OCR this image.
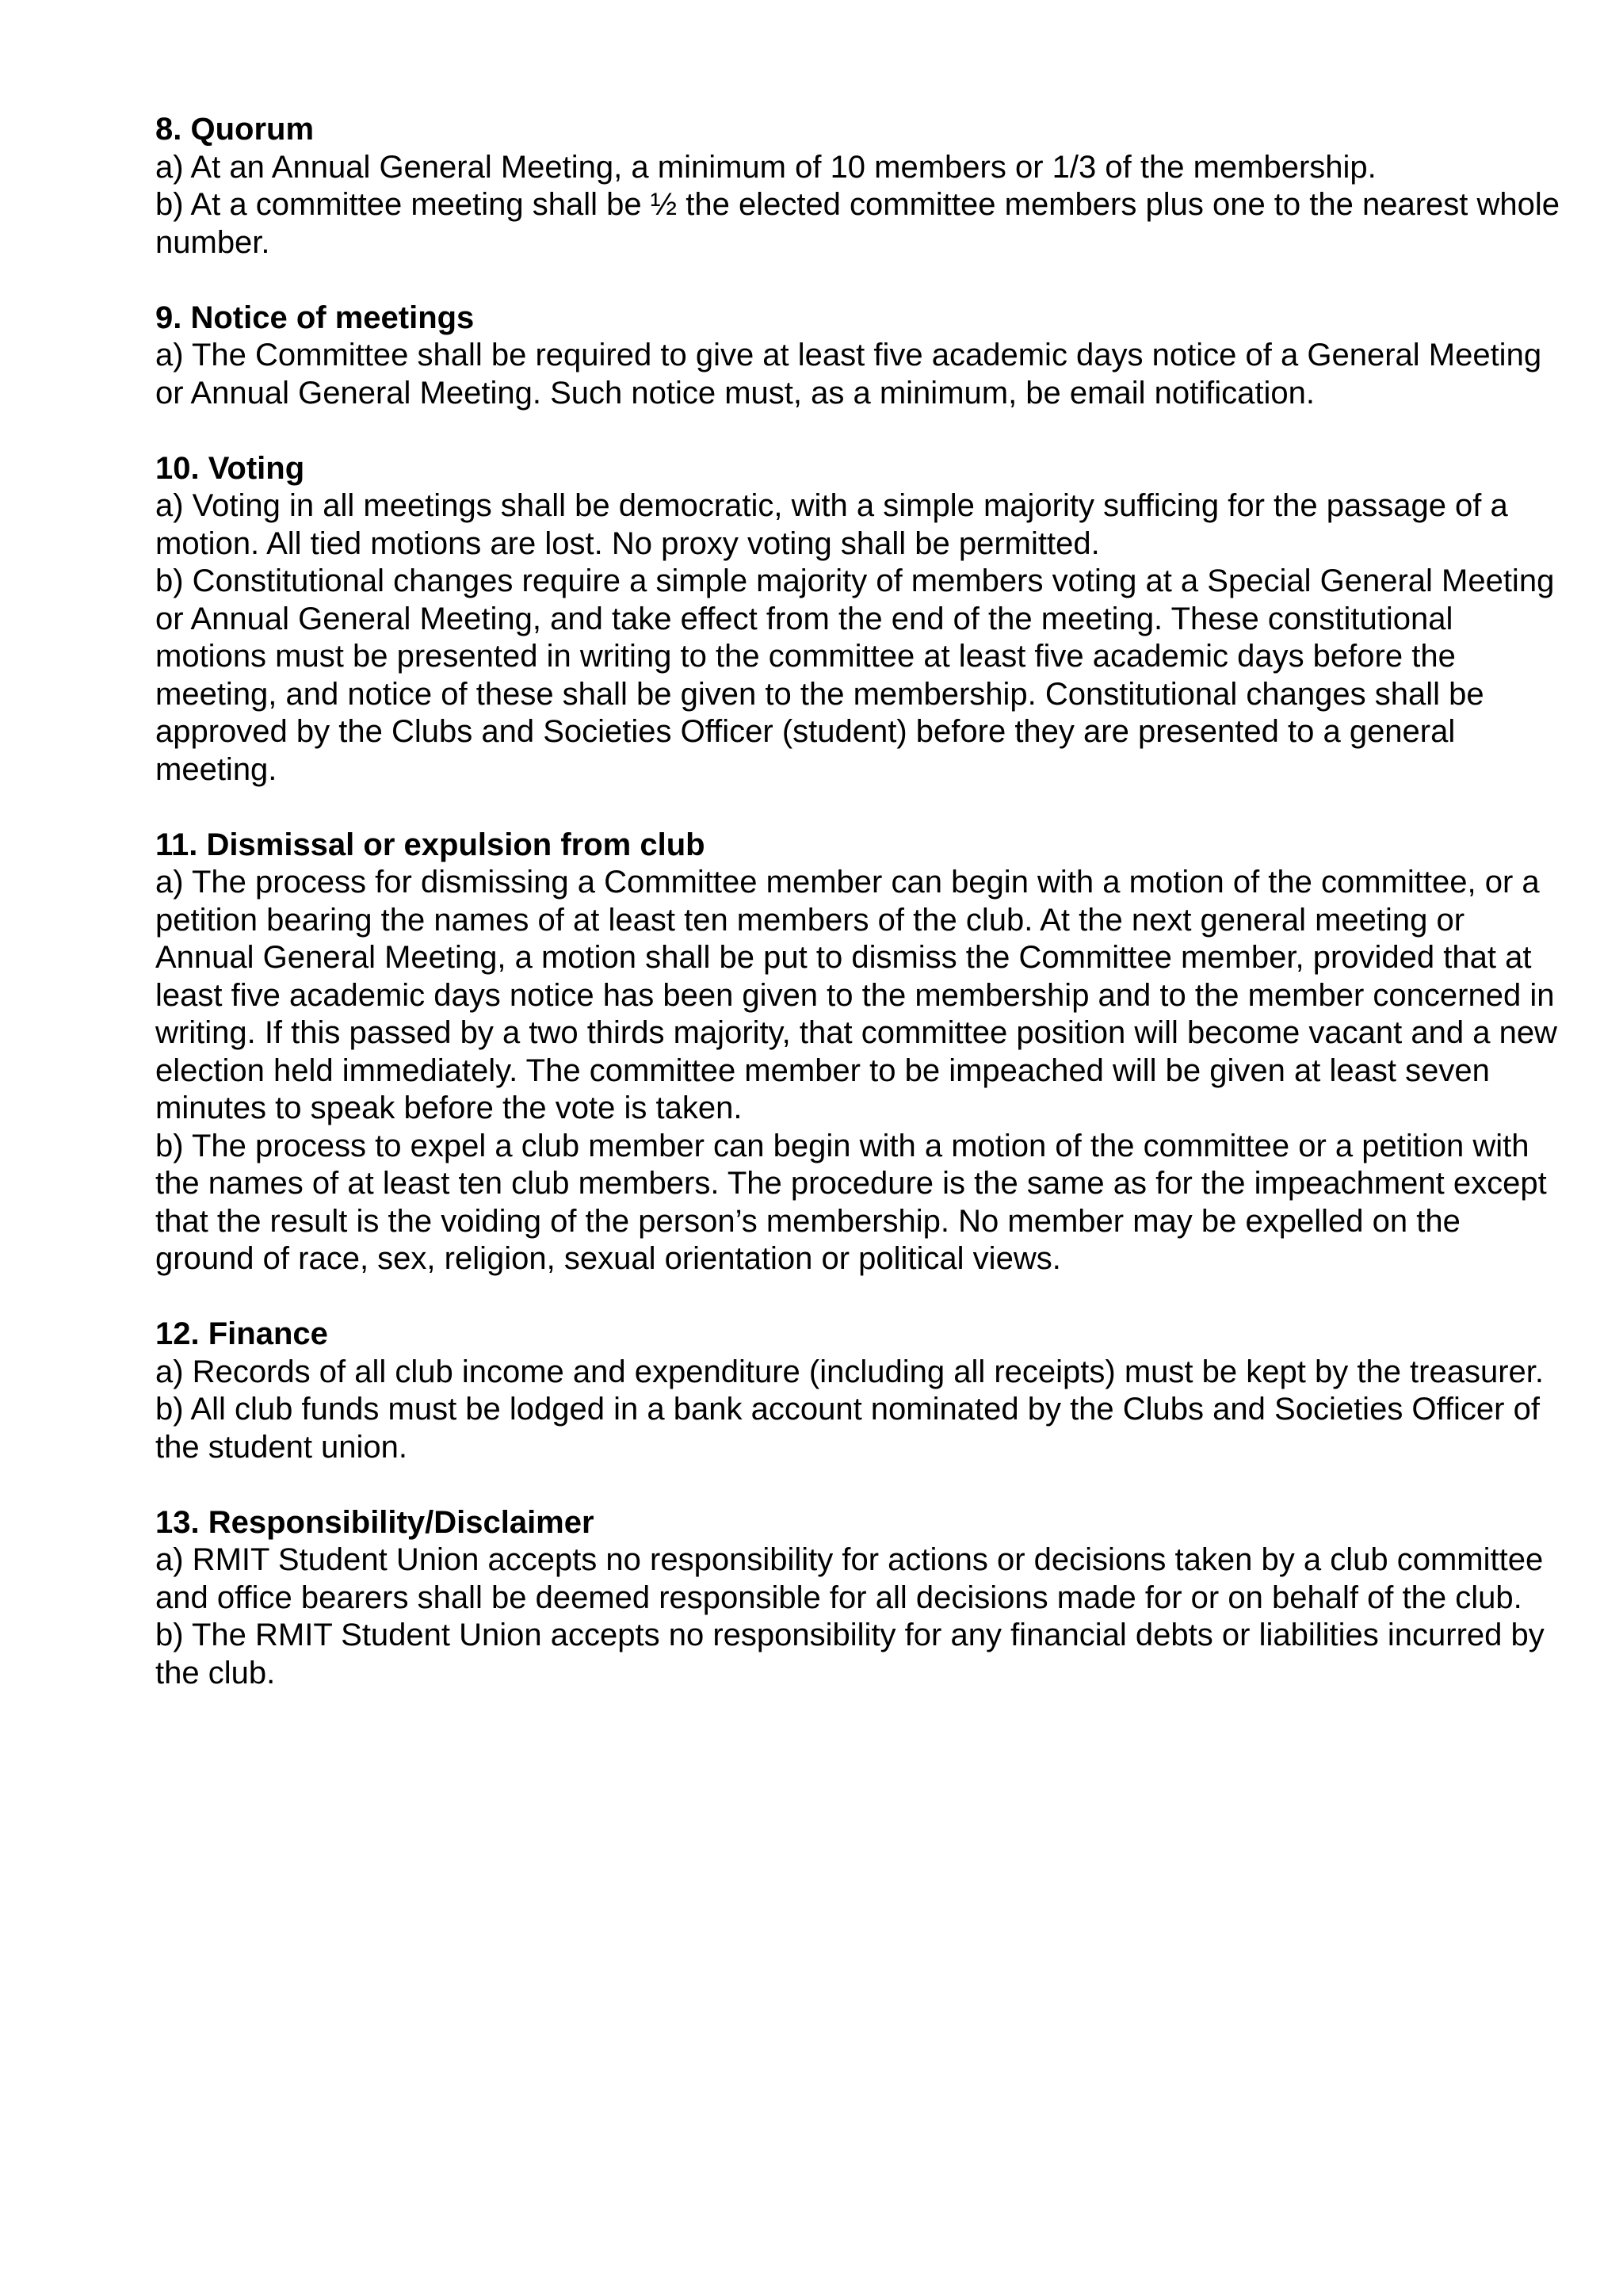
8. Quorum

a) At an Annual General Meeting, a minimum of 10 members or 1/3 of the membership.

b) At a committee meeting shall be ½ the elected committee members plus one to the nearest whole number.

9. Notice of meetings

a) The Committee shall be required to give at least five academic days notice of a General Meeting or Annual General Meeting. Such notice must, as a minimum, be email notification.

10. Voting

a) Voting in all meetings shall be democratic, with a simple majority sufficing for the passage of a motion. All tied motions are lost. No proxy voting shall be permitted.

b) Constitutional changes require a simple majority of members voting at a Special General Meeting or Annual General Meeting, and take effect from the end of the meeting. These constitutional motions must be presented in writing to the committee at least five academic days before the meeting, and notice of these shall be given to the membership. Constitutional changes shall be approved by the Clubs and Societies Officer (student) before they are presented to a general meeting.

11. Dismissal or expulsion from club

a) The process for dismissing a Committee member can begin with a motion of the committee, or a petition bearing the names of at least ten members of the club. At the next general meeting or Annual General Meeting, a motion shall be put to dismiss the Committee member, provided that at least five academic days notice has been given to the membership and to the member concerned in writing. If this passed by a two thirds majority, that committee position will become vacant and a new election held immediately. The committee member to be impeached will be given at least seven minutes to speak before the vote is taken.

b) The process to expel a club member can begin with a motion of the committee or a petition with the names of at least ten club members. The procedure is the same as for the impeachment except that the result is the voiding of the person’s membership. No member may be expelled on the ground of race, sex, religion, sexual orientation or political views.

12. Finance

a) Records of all club income and expenditure (including all receipts) must be kept by the treasurer.

b) All club funds must be lodged in a bank account nominated by the Clubs and Societies Officer of the student union.

13. Responsibility/Disclaimer

a) RMIT Student Union accepts no responsibility for actions or decisions taken by a club committee and office bearers shall be deemed responsible for all decisions made for or on behalf of the club.

b) The RMIT Student Union accepts no responsibility for any financial debts or liabilities incurred by the club.
